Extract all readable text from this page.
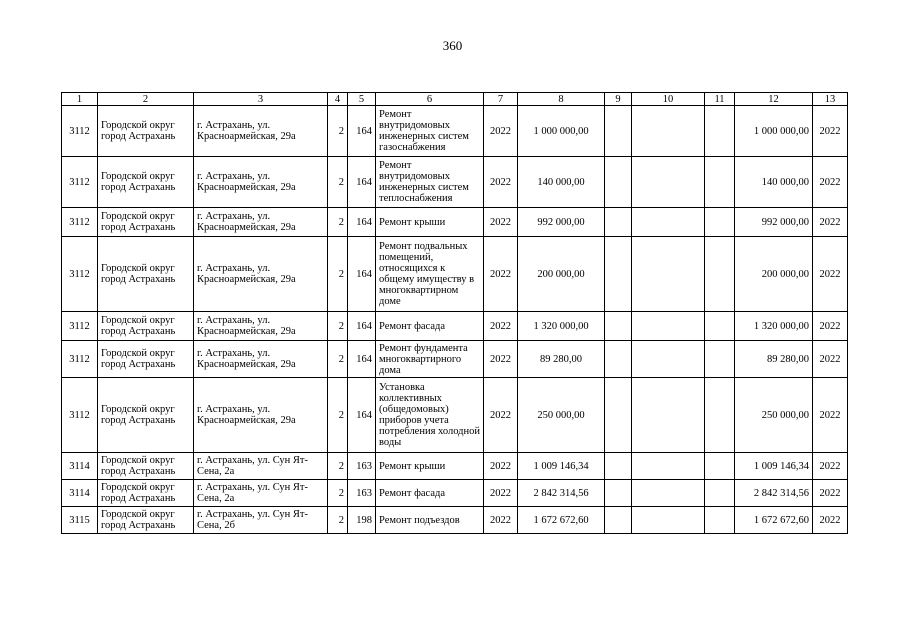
360
1	2	3	4	5	6	7	8	9	10	11	12	13
3112	Городской округ город Астрахань	г. Астрахань, ул. Красноармейская, 29а	2	164	Ремонт внутридомовых инженерных систем газоснабжения	2022	1 000 000,00				1 000 000,00	2022
3112	Городской округ город Астрахань	г. Астрахань, ул. Красноармейская, 29а	2	164	Ремонт внутридомовых инженерных систем теплоснабжения	2022	140 000,00				140 000,00	2022
3112	Городской округ город Астрахань	г. Астрахань, ул. Красноармейская, 29а	2	164	Ремонт крыши	2022	992 000,00				992 000,00	2022
3112	Городской округ город Астрахань	г. Астрахань, ул. Красноармейская, 29а	2	164	Ремонт подвальных помещений, относящихся к общему имуществу в многоквартирном доме	2022	200 000,00				200 000,00	2022
3112	Городской округ город Астрахань	г. Астрахань, ул. Красноармейская, 29а	2	164	Ремонт фасада	2022	1 320 000,00				1 320 000,00	2022
3112	Городской округ город Астрахань	г. Астрахань, ул. Красноармейская, 29а	2	164	Ремонт фундамента многоквартирного дома	2022	89 280,00				89 280,00	2022
3112	Городской округ город Астрахань	г. Астрахань, ул. Красноармейская, 29а	2	164	Установка коллективных (общедомовых) приборов учета потребления холодной воды	2022	250 000,00				250 000,00	2022
3114	Городской округ город Астрахань	г. Астрахань, ул. Сун Ят-Сена, 2а	2	163	Ремонт крыши	2022	1 009 146,34				1 009 146,34	2022
3114	Городской округ город Астрахань	г. Астрахань, ул. Сун Ят-Сена, 2а	2	163	Ремонт фасада	2022	2 842 314,56				2 842 314,56	2022
3115	Городской округ город Астрахань	г. Астрахань, ул. Сун Ят-Сена, 2б	2	198	Ремонт подъездов	2022	1 672 672,60				1 672 672,60	2022
